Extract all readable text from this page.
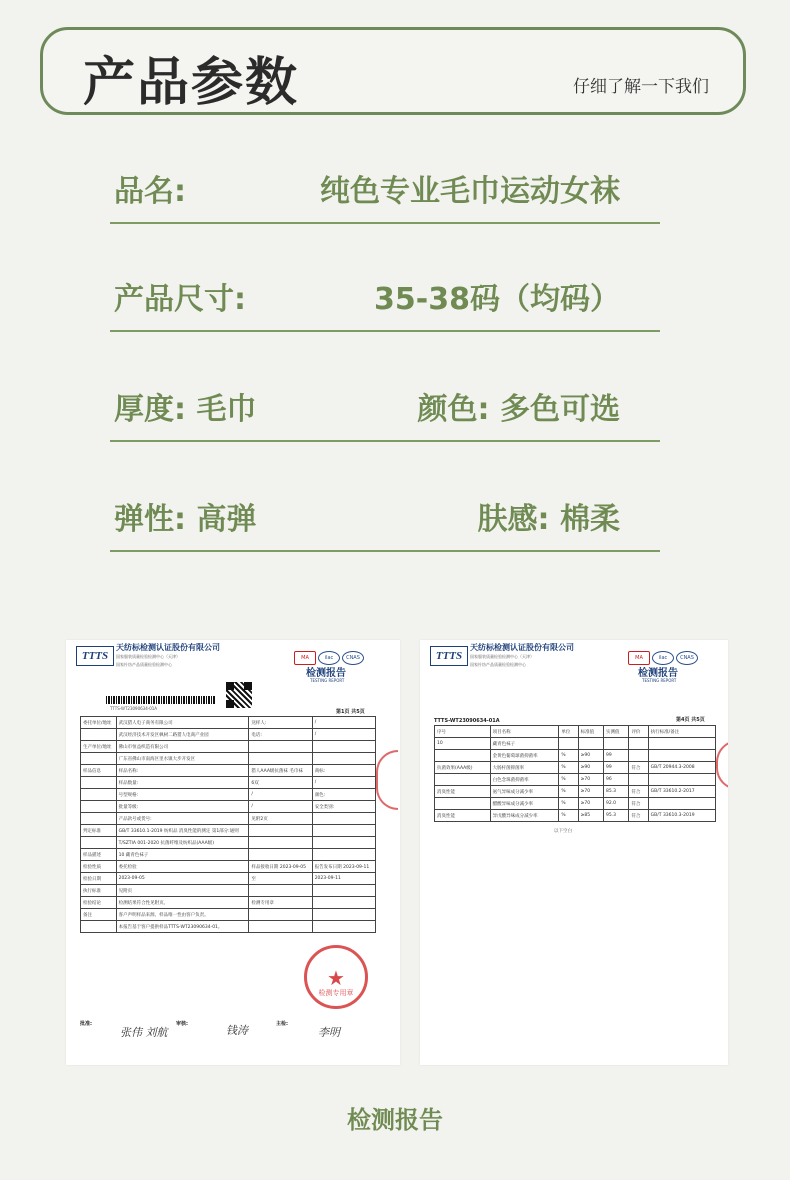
产品参数	仔细了解一下我们
品名:	纯色专业毛巾运动女袜
产品尺寸:	35-38码（均码）
厚度: 毛巾	颜色: 多色可选
弹性: 高弹	肤感: 棉柔
TTTS
天纺标检测认证股份有限公司
国家服装质量检验检测中心（天津）
国家针纺产品质量检验检测中心
MA	ilac	CNAS
检测报告
TESTING REPORT
TTTS-WT23090634-01A
第1页 共5页
委托单位/地址	武汉猎人电子商务有限公司	送样人:	/
	武汉经济技术开发区枫树二路猎人电商产业园	电话:	/
生产单位/地址	佛山市恒益织造有限公司		
	广东省佛山市南海区里水镇大步开发区		
样品信息	样品名称:	猎人AAA级抗菌袜 毛巾袜	商标:
	样品数量:	6双	/
	号型规格:	/	颜色:
	批量等级:	/	安全类别:
	产品款号或货号:	见附2页	
判定标准	GB/T 33610.1-2019 纺织品 消臭性能的测定 第1部分:通则		
	T/SZTIA 001-2020 抗菌纤维及纺织品(AAA级)		
样品描述	10 藏青色袜子		
检验性质	委托检验	样品接收日期 2023-09-05	报告发布日期 2023-09-11
检验日期	2023-09-05	至	2023-09-11
执行标准	见附页		
检验结论	检测结果符合性见附页。	检测专用章	
备注	客户声明样品来源、样品唯一性由客户负责。		
	本报告基于客户提供样品TTTS-WT23090634-01。		
★
检测专用章
批准:	审核:	主检:
张伟 刘航	钱涛	李明
TTTS
天纺标检测认证股份有限公司
国家服装质量检验检测中心（天津）
国家针纺产品质量检验检测中心
MA	ilac	CNAS
检测报告
TESTING REPORT
TTTS-WT23090634-01A	第4页 共5页
序号	项目名称	单位	标准值	实测值	评价	执行标准/备注
10	藏青色袜子					
	金黄色葡萄球菌抑菌率	%	≥90	99		
抗菌效果(AAA级)	大肠杆菌抑菌率	%	≥90	99	符合	GB/T 20944.3-2008
	白色念珠菌抑菌率	%	≥70	96		
消臭性能	氨气异味成分减少率	%	≥70	85.3	符合	GB/T 33610.2-2017
	醋酸异味成分减少率	%	≥70	92.0	符合	
消臭性能	异戊酸异味成分减少率	%	≥85	95.3	符合	GB/T 33610.3-2019
以下空白
检测报告
